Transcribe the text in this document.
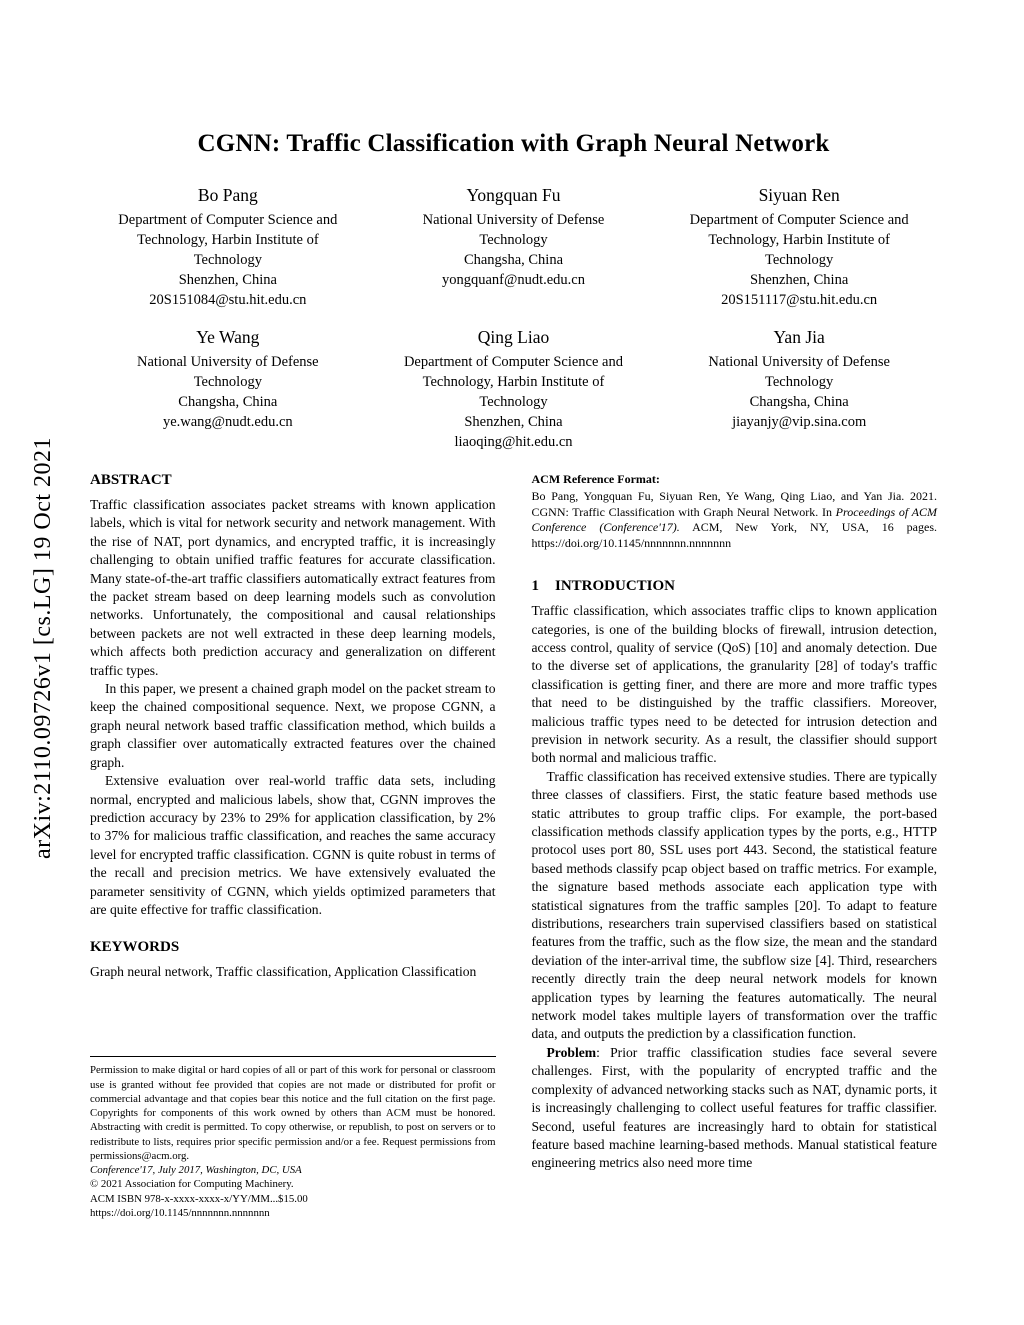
arXiv:2110.09726v1 [cs.LG] 19 Oct 2021
CGNN: Traffic Classification with Graph Neural Network
Bo Pang
Department of Computer Science and Technology, Harbin Institute of Technology
Shenzhen, China
20S151084@stu.hit.edu.cn
Yongquan Fu
National University of Defense Technology
Changsha, China
yongquanf@nudt.edu.cn
Siyuan Ren
Department of Computer Science and Technology, Harbin Institute of Technology
Shenzhen, China
20S151117@stu.hit.edu.cn
Ye Wang
National University of Defense Technology
Changsha, China
ye.wang@nudt.edu.cn
Qing Liao
Department of Computer Science and Technology, Harbin Institute of Technology
Shenzhen, China
liaoqing@hit.edu.cn
Yan Jia
National University of Defense Technology
Changsha, China
jiayanjy@vip.sina.com
ABSTRACT

Traffic classification associates packet streams with known application labels, which is vital for network security and network management. With the rise of NAT, port dynamics, and encrypted traffic, it is increasingly challenging to obtain unified traffic features for accurate classification. Many state-of-the-art traffic classifiers automatically extract features from the packet stream based on deep learning models such as convolution networks. Unfortunately, the compositional and causal relationships between packets are not well extracted in these deep learning models, which affects both prediction accuracy and generalization on different traffic types.

In this paper, we present a chained graph model on the packet stream to keep the chained compositional sequence. Next, we propose CGNN, a graph neural network based traffic classification method, which builds a graph classifier over automatically extracted features over the chained graph.

Extensive evaluation over real-world traffic data sets, including normal, encrypted and malicious labels, show that, CGNN improves the prediction accuracy by 23% to 29% for application classification, by 2% to 37% for malicious traffic classification, and reaches the same accuracy level for encrypted traffic classification. CGNN is quite robust in terms of the recall and precision metrics. We have extensively evaluated the parameter sensitivity of CGNN, which yields optimized parameters that are quite effective for traffic classification.

KEYWORDS

Graph neural network, Traffic classification, Application Classification

Permission to make digital or hard copies of all or part of this work for personal or classroom use is granted without fee provided that copies are not made or distributed for profit or commercial advantage and that copies bear this notice and the full citation on the first page. Copyrights for components of this work owned by others than ACM must be honored. Abstracting with credit is permitted. To copy otherwise, or republish, to post on servers or to redistribute to lists, requires prior specific permission and/or a fee. Request permissions from permissions@acm.org.

Conference'17, July 2017, Washington, DC, USA

© 2021 Association for Computing Machinery.

ACM ISBN 978-x-xxxx-xxxx-x/YY/MM...$15.00

https://doi.org/10.1145/nnnnnnn.nnnnnnn

ACM Reference Format:
Bo Pang, Yongquan Fu, Siyuan Ren, Ye Wang, Qing Liao, and Yan Jia. 2021. CGNN: Traffic Classification with Graph Neural Network. In Proceedings of ACM Conference (Conference'17). ACM, New York, NY, USA, 16 pages. https://doi.org/10.1145/nnnnnnn.nnnnnnn
1 INTRODUCTION

Traffic classification, which associates traffic clips to known application categories, is one of the building blocks of firewall, intrusion detection, access control, quality of service (QoS) [10] and anomaly detection. Due to the diverse set of applications, the granularity [28] of today's traffic classification is getting finer, and there are more and more traffic types that need to be distinguished by the traffic classifiers. Moreover, malicious traffic types need to be detected for intrusion detection and prevision in network security. As a result, the classifier should support both normal and malicious traffic.

Traffic classification has received extensive studies. There are typically three classes of classifiers. First, the static feature based methods use static attributes to group traffic clips. For example, the port-based classification methods classify application types by the ports, e.g., HTTP protocol uses port 80, SSL uses port 443. Second, the statistical feature based methods classify pcap object based on traffic metrics. For example, the signature based methods associate each application type with statistical signatures from the traffic samples [20]. To adapt to feature distributions, researchers train supervised classifiers based on statistical features from the traffic, such as the flow size, the mean and the standard deviation of the inter-arrival time, the subflow size [4]. Third, researchers recently directly train the deep neural network models for known application types by learning the features automatically. The neural network model takes multiple layers of transformation over the traffic data, and outputs the prediction by a classification function.

Problem: Prior traffic classification studies face several severe challenges. First, with the popularity of encrypted traffic and the complexity of advanced networking stacks such as NAT, dynamic ports, it is increasingly challenging to collect useful features for traffic classifier. Second, useful features are increasingly hard to obtain for statistical feature based machine learning-based methods. Manual statistical feature engineering metrics also need more time
